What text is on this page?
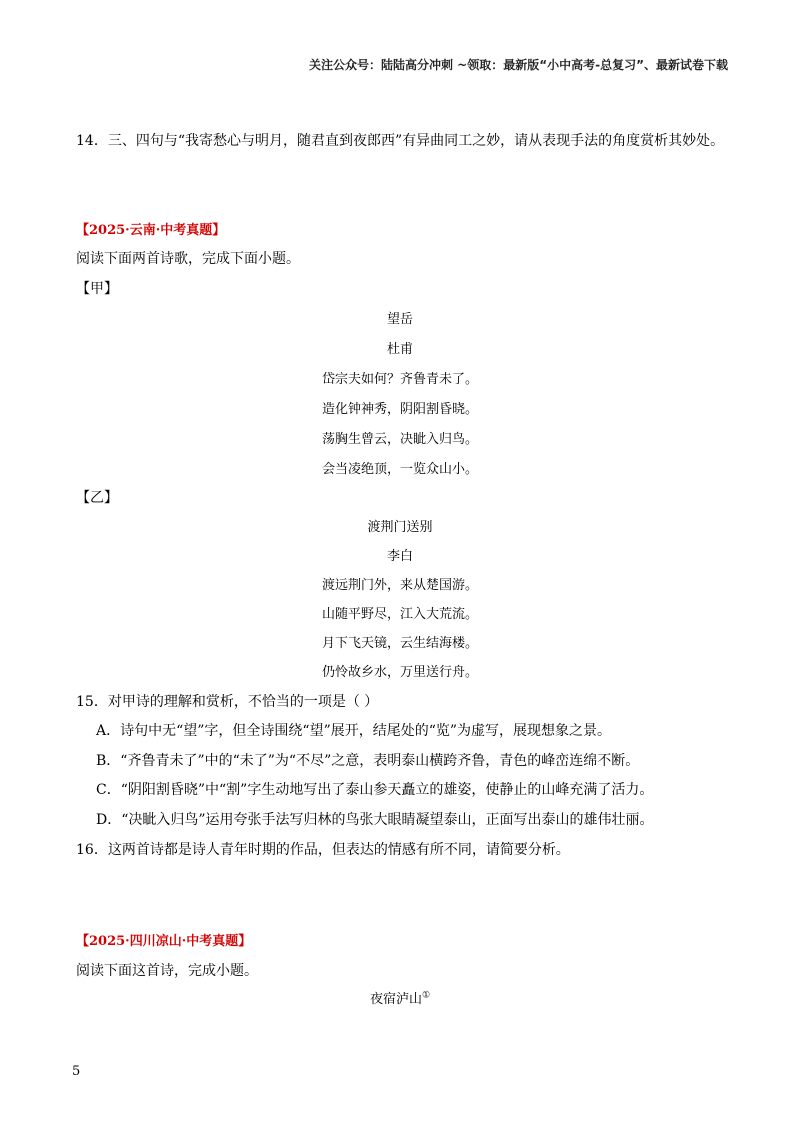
关注公众号：陆陆高分冲刺 ~领取：最新版“小中高考-总复习”、最新试卷下载
14．三、四句与“我寄愁心与明月，随君直到夜郎西”有异曲同工之妙，请从表现手法的角度赏析其妙处。
【2025·云南·中考真题】
阅读下面两首诗歌，完成下面小题。
【甲】
望岳
杜甫
岱宗夫如何？齐鲁青未了。
造化钟神秀，阴阳割昏晓。
荡胸生曾云，决眦入归鸟。
会当凌绝顶，一览众山小。
【乙】
渡荆门送别
李白
渡远荆门外，来从楚国游。
山随平野尽，江入大荒流。
月下飞天镜，云生结海楼。
仍怜故乡水，万里送行舟。
15．对甲诗的理解和赏析，不恰当的一项是（ ）
A．诗句中无“望”字，但全诗围绕“望”展开，结尾处的“览”为虚写，展现想象之景。
B．“齐鲁青未了”中的“未了”为“不尽”之意，表明泰山横跨齐鲁，青色的峰峦连绵不断。
C．“阴阳割昏晓”中“割”字生动地写出了泰山参天矗立的雄姿，使静止的山峰充满了活力。
D．“决眦入归鸟”运用夸张手法写归林的鸟张大眼睛凝望泰山，正面写出泰山的雄伟壮丽。
16．这两首诗都是诗人青年时期的作品，但表达的情感有所不同，请简要分析。
【2025·四川凉山·中考真题】
阅读下面这首诗，完成小题。
夜宿泸山①
5
